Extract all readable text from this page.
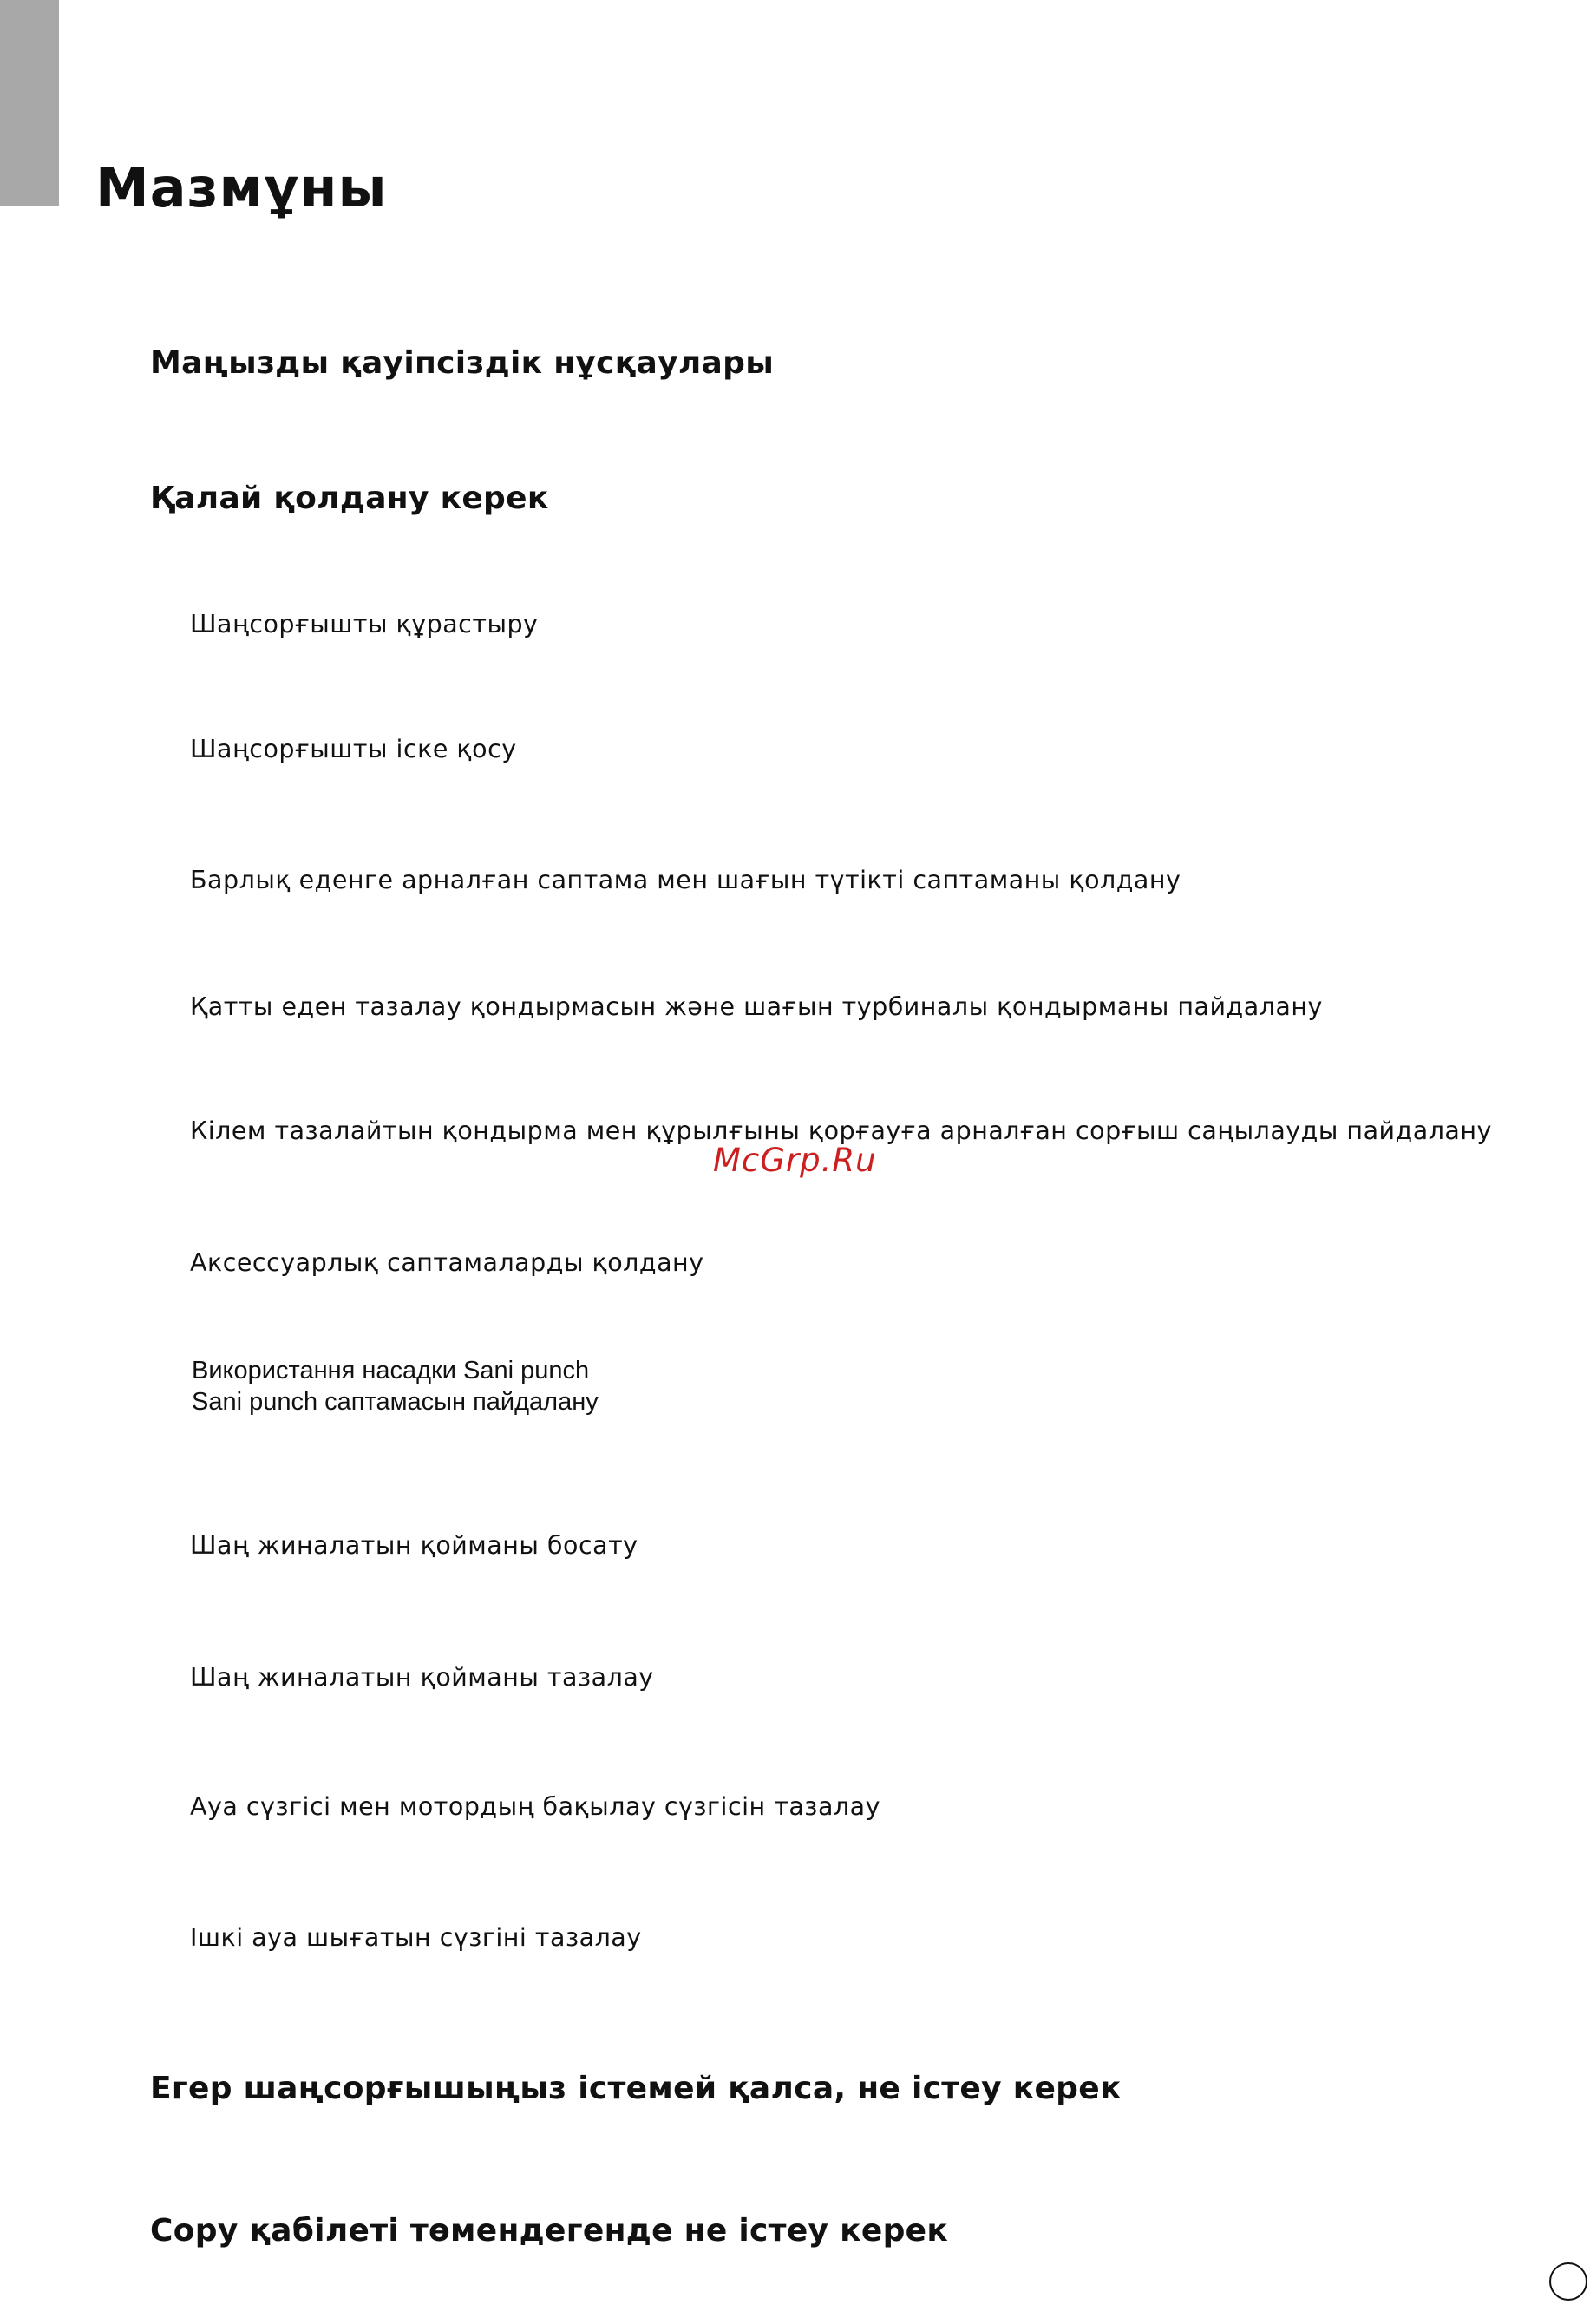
Мазмұны
Маңызды қауіпсіздік нұсқаулары
Қалай қолдану керек
Шаңсорғышты құрастыру
Шаңсорғышты іске қосу
Барлық еденге арналған саптама мен шағын түтікті саптаманы қолдану
Қатты еден тазалау қондырмасын және шағын турбиналы қондырманы пайдалану
Кілем тазалайтын қондырма мен құрылғыны қорғауға арналған сорғыш саңылауды пайдалану
McGrp.Ru
Аксессуарлық саптамаларды қолдану
Використання насадки Sani punch
Sani punch саптамасын пайдалану
Шаң жиналатын қойманы босату
Шаң жиналатын қойманы тазалау
Ауа сүзгісі мен мотордың бақылау сүзгісін тазалау
Ішкі ауа шығатын сүзгіні тазалау
Егер шаңсорғышыңыз істемей қалса, не істеу керек
Сору қабілеті төмендегенде не істеу керек
